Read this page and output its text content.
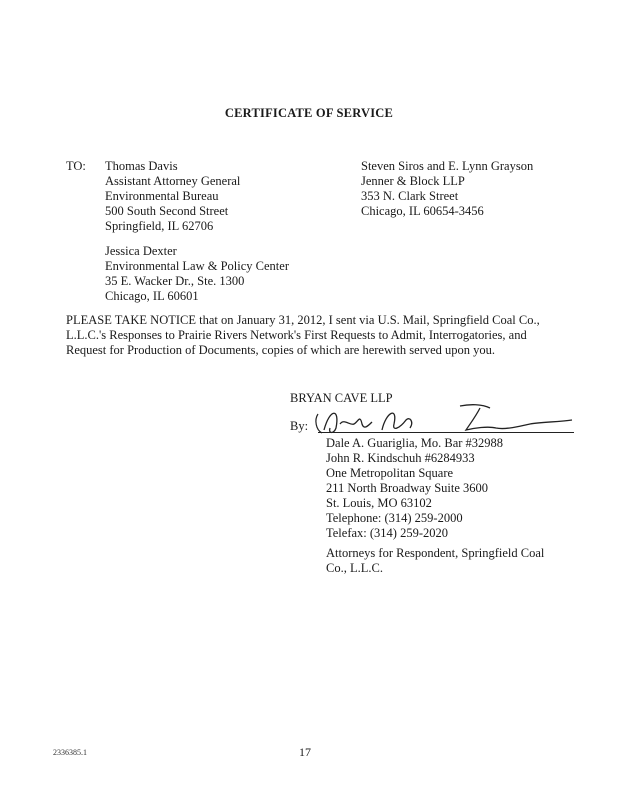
CERTIFICATE OF SERVICE
TO: Thomas Davis
Assistant Attorney General
Environmental Bureau
500 South Second Street
Springfield, IL 62706
Steven Siros and E. Lynn Grayson
Jenner & Block LLP
353 N. Clark Street
Chicago, IL 60654-3456
Jessica Dexter
Environmental Law & Policy Center
35 E. Wacker Dr., Ste. 1300
Chicago, IL 60601
PLEASE TAKE NOTICE that on January 31, 2012, I sent via U.S. Mail, Springfield Coal Co.,
L.L.C.'s Responses to Prairie Rivers Network's First Requests to Admit, Interrogatories, and
Request for Production of Documents, copies of which are herewith served upon you.
BRYAN CAVE LLP
By:
Dale A. Guariglia, Mo. Bar #32988
John R. Kindschuh #6284933
One Metropolitan Square
211 North Broadway Suite 3600
St. Louis, MO 63102
Telephone: (314) 259-2000
Telefax: (314) 259-2020
Attorneys for Respondent, Springfield Coal
Co., L.L.C.
2336385.1	17
